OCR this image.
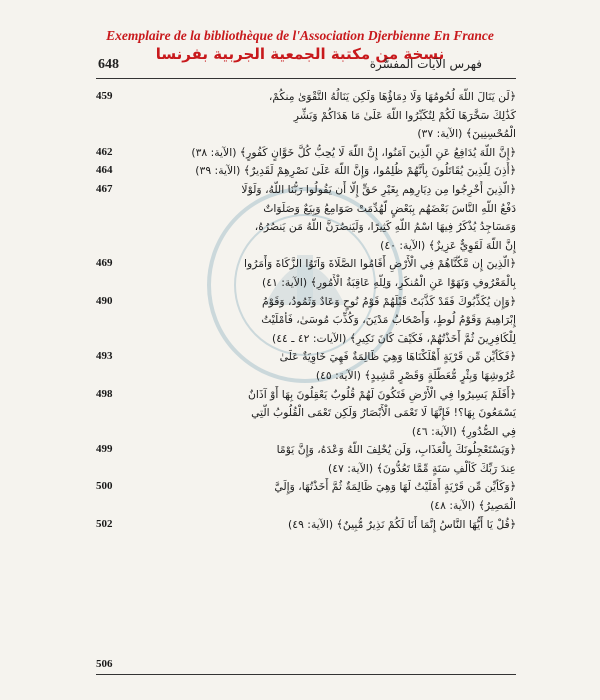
Exemplaire de la bibliothèque de l'Association Djerbienne En France
نسخة من مكتبة الجمعية الجربية بفرنسا
648	فهرس الآيات المفسَّرة
﴿لَن يَنَالَ اللَّهَ لُحُومُهَا وَلَا دِمَاؤُهَا وَلَكِن يَنَالُهُ التَّقْوَىٰ مِنكُمْ،
كَذَٰلِكَ سَخَّرَهَا لَكُمْ لِتُكَبِّرُوا اللَّهَ عَلَىٰ مَا هَدَاكُمْ وَبَشِّرِ
الْمُحْسِنِينَ﴾ (الآية: ٣٧)
459
﴿إِنَّ اللَّهَ يُدَافِعُ عَنِ الَّذِينَ آمَنُوا، إِنَّ اللَّهَ لَا يُحِبُّ كُلَّ خَوَّانٍ كَفُورٍ﴾ (الآية: ٣٨)
462
﴿أُذِنَ لِلَّذِينَ يُقَاتَلُونَ بِأَنَّهُمْ ظُلِمُوا، وَإِنَّ اللَّهَ عَلَىٰ نَصْرِهِمْ لَقَدِيرٌ﴾ (الآية: ٣٩)
464
﴿الَّذِينَ أُخْرِجُوا مِن دِيَارِهِم بِغَيْرِ حَقٍّ إِلَّا أَن يَقُولُوا رَبُّنَا اللَّهُ، وَلَوْلَا
دَفْعُ اللَّهِ النَّاسَ بَعْضَهُم بِبَعْضٍ لَّهُدِّمَتْ صَوَامِعُ وَبِيَعٌ وَصَلَوَاتٌ
وَمَسَاجِدُ يُذْكَرُ فِيهَا اسْمُ اللَّهِ كَثِيرًا، وَلَيَنصُرَنَّ اللَّهُ مَن يَنصُرُهُ،
إِنَّ اللَّهَ لَقَوِيٌّ عَزِيزٌ﴾ (الآية: ٤٠)
467
﴿الَّذِينَ إِن مَّكَّنَّاهُمْ فِي الْأَرْضِ أَقَامُوا الصَّلَاةَ وَآتَوُا الزَّكَاةَ وَأَمَرُوا
بِالْمَعْرُوفِ وَنَهَوْا عَنِ الْمُنكَرِ، وَلِلَّهِ عَاقِبَةُ الْأُمُورِ﴾ (الآية: ٤١)
469
﴿وَإِن يُكَذِّبُوكَ فَقَدْ كَذَّبَتْ قَبْلَهُمْ قَوْمُ نُوحٍ وَعَادٌ وَثَمُودُ، وَقَوْمُ
إِبْرَاهِيمَ وَقَوْمُ لُوطٍ، وَأَصْحَابُ مَدْيَنَ، وَكُذِّبَ مُوسَىٰ، فَأَمْلَيْتُ
لِلْكَافِرِينَ ثُمَّ أَخَذْتُهُمْ، فَكَيْفَ كَانَ نَكِيرِ﴾ (الآيات: ٤٢ ـ ٤٤)
490
﴿فَكَأَيِّن مِّن قَرْيَةٍ أَهْلَكْنَاهَا وَهِيَ ظَالِمَةٌ فَهِيَ خَاوِيَةٌ عَلَىٰ
عُرُوشِهَا وَبِئْرٍ مُّعَطَّلَةٍ وَقَصْرٍ مَّشِيدٍ﴾ (الآية: ٤٥)
493
﴿أَفَلَمْ يَسِيرُوا فِي الْأَرْضِ فَتَكُونَ لَهُمْ قُلُوبٌ يَعْقِلُونَ بِهَا أَوْ آذَانٌ
يَسْمَعُونَ بِهَا؟! فَإِنَّهَا لَا تَعْمَى الْأَبْصَارُ وَلَكِن تَعْمَى الْقُلُوبُ الَّتِي
فِي الصُّدُورِ﴾ (الآية: ٤٦)
498
﴿وَيَسْتَعْجِلُونَكَ بِالْعَذَابِ، وَلَن يُخْلِفَ اللَّهُ وَعْدَهُ، وَإِنَّ يَوْمًا
عِندَ رَبِّكَ كَأَلْفِ سَنَةٍ مِّمَّا تَعُدُّونَ﴾ (الآية: ٤٧)
499
﴿وَكَأَيِّن مِّن قَرْيَةٍ أَمْلَيْتُ لَهَا وَهِيَ ظَالِمَةٌ ثُمَّ أَخَذْتُهَا، وَإِلَيَّ
الْمَصِيرُ﴾ (الآية: ٤٨)
500
﴿قُلْ يَا أَيُّهَا النَّاسُ إِنَّمَا أَنَا لَكُمْ نَذِيرٌ مُّبِينٌ﴾ (الآية: ٤٩)
502
506
